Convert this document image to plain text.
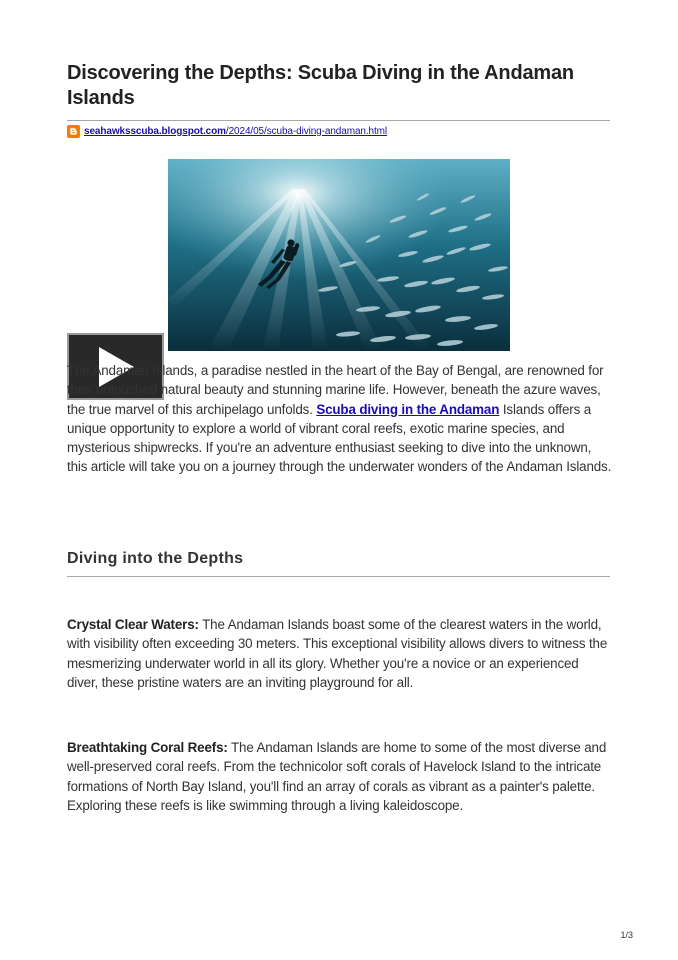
Discovering the Depths: Scuba Diving in the Andaman Islands
seahawksscuba.blogspot.com/2024/05/scuba-diving-andaman.html

The Andaman Islands, a paradise nestled in the heart of the Bay of Bengal, are renowned for their untouched natural beauty and stunning marine life. However, beneath the azure waves, the true marvel of this archipelago unfolds. Scuba diving in the Andaman Islands offers a unique opportunity to explore a world of vibrant coral reefs, exotic marine species, and mysterious shipwrecks. If you're an adventure enthusiast seeking to dive into the unknown, this article will take you on a journey through the underwater wonders of the Andaman Islands.

Diving into the Depths

Crystal Clear Waters: The Andaman Islands boast some of the clearest waters in the world, with visibility often exceeding 30 meters. This exceptional visibility allows divers to witness the mesmerizing underwater world in all its glory. Whether you're a novice or an experienced diver, these pristine waters are an inviting playground for all.

Breathtaking Coral Reefs: The Andaman Islands are home to some of the most diverse and well-preserved coral reefs. From the technicolor soft corals of Havelock Island to the intricate formations of North Bay Island, you'll find an array of corals as vibrant as a painter's palette. Exploring these reefs is like swimming through a living kaleidoscope.

1/3
